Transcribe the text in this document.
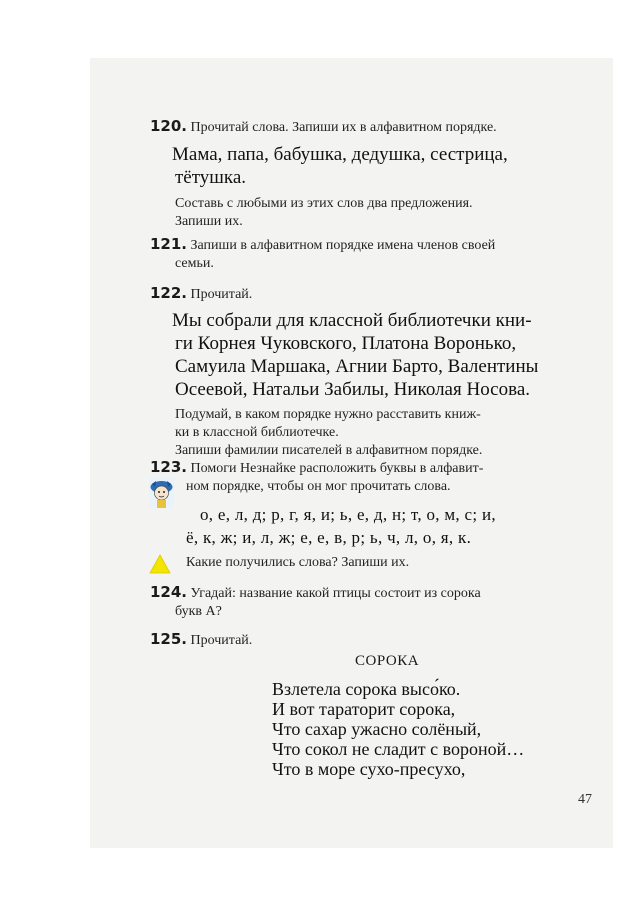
120. Прочитай слова. Запиши их в алфавитном порядке.
Мама, папа, бабушка, дедушка, сестрица,
тётушка.
Составь с любыми из этих слов два предложения.
Запиши их.
121. Запиши в алфавитном порядке имена членов своей
семьи.
122. Прочитай.
Мы собрали для классной библиотечки кни-
ги Корнея Чуковского, Платона Воронько,
Самуила Маршака, Агнии Барто, Валентины
Осеевой, Натальи Забилы, Николая Носова.
Подумай, в каком порядке нужно расставить книж-
ки в классной библиотечке.
Запиши фамилии писателей в алфавитном порядке.
123. Помоги Незнайке расположить буквы в алфавит-
ном порядке, чтобы он мог прочитать слова.
о, е, л, д; р, г, я, и; ь, е, д, н; т, о, м, с; и,
ё, к, ж; и, л, ж; е, е, в, р; ь, ч, л, о, я, к.
Какие получились слова? Запиши их.
124. Угадай: название какой птицы состоит из сорока
букв А?
125. Прочитай.
СОРОКА
Взлетела сорока высо́ко.
И вот тараторит сорока,
Что сахар ужасно солёный,
Что сокол не сладит с вороной…
Что в море сухо-пресухо,
47
